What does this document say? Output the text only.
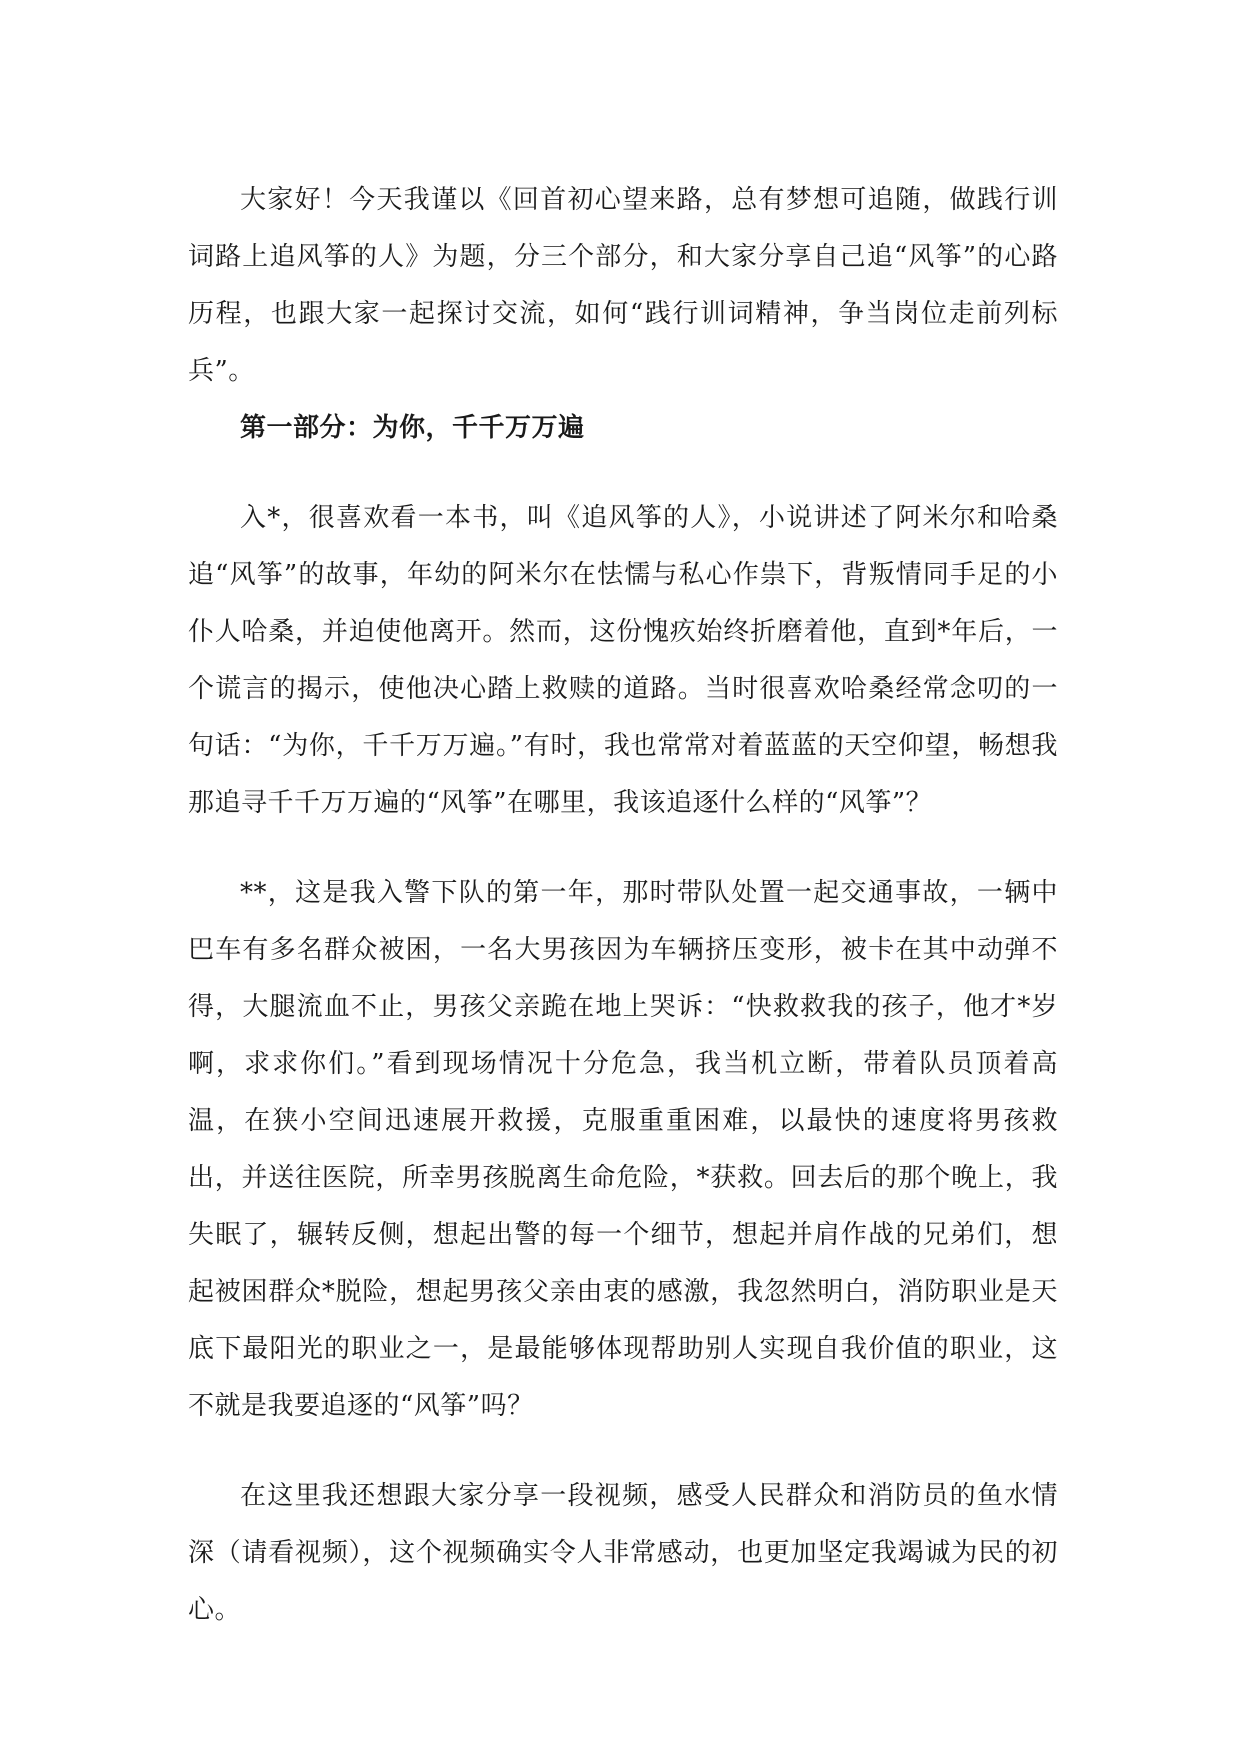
大家好！今天我谨以《回首初心望来路，总有梦想可追随，做践行训词路上追风筝的人》为题，分三个部分，和大家分享自己追“风筝”的心路历程，也跟大家一起探讨交流，如何“践行训词精神，争当岗位走前列标兵”。

第一部分：为你，千千万万遍

入*，很喜欢看一本书，叫《追风筝的人》，小说讲述了阿米尔和哈桑追“风筝”的故事，年幼的阿米尔在怯懦与私心作祟下，背叛情同手足的小仆人哈桑，并迫使他离开。然而，这份愧疚始终折磨着他，直到*年后，一个谎言的揭示，使他决心踏上救赎的道路。当时很喜欢哈桑经常念叨的一句话：“为你，千千万万遍。”有时，我也常常对着蓝蓝的天空仰望，畅想我那追寻千千万万遍的“风筝”在哪里，我该追逐什么样的“风筝”？

**，这是我入警下队的第一年，那时带队处置一起交通事故，一辆中巴车有多名群众被困，一名大男孩因为车辆挤压变形，被卡在其中动弹不得，大腿流血不止，男孩父亲跪在地上哭诉：“快救救我的孩子，他才*岁啊，求求你们。”看到现场情况十分危急，我当机立断，带着队员顶着高温，在狭小空间迅速展开救援，克服重重困难，以最快的速度将男孩救出，并送往医院，所幸男孩脱离生命危险，*获救。回去后的那个晚上，我失眠了，辗转反侧，想起出警的每一个细节，想起并肩作战的兄弟们，想起被困群众*脱险，想起男孩父亲由衷的感激，我忽然明白，消防职业是天底下最阳光的职业之一，是最能够体现帮助别人实现自我价值的职业，这不就是我要追逐的“风筝”吗？

在这里我还想跟大家分享一段视频，感受人民群众和消防员的鱼水情深（请看视频），这个视频确实令人非常感动，也更加坚定我竭诚为民的初心。
